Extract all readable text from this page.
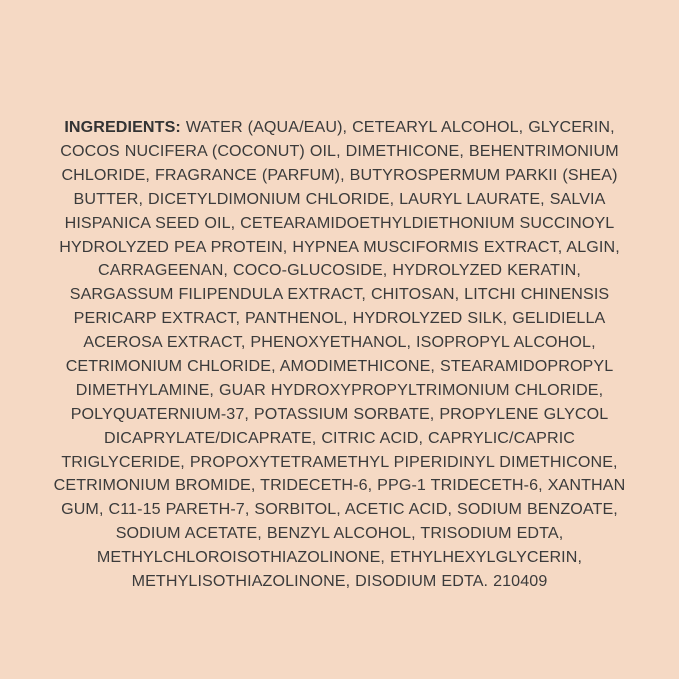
INGREDIENTS: WATER (AQUA/EAU), CETEARYL ALCOHOL, GLYCERIN, COCOS NUCIFERA (COCONUT) OIL, DIMETHICONE, BEHENTRIMONIUM CHLORIDE, FRAGRANCE (PARFUM), BUTYROSPERMUM PARKII (SHEA) BUTTER, DICETYLDIMONIUM CHLORIDE, LAURYL LAURATE, SALVIA HISPANICA SEED OIL, CETEARAMIDOETHYLDIETHONIUM SUCCINOYL HYDROLYZED PEA PROTEIN, HYPNEA MUSCIFORMIS EXTRACT, ALGIN, CARRAGEENAN, COCO-GLUCOSIDE, HYDROLYZED KERATIN, SARGASSUM FILIPENDULA EXTRACT, CHITOSAN, LITCHI CHINENSIS PERICARP EXTRACT, PANTHENOL, HYDROLYZED SILK, GELIDIELLA ACEROSA EXTRACT, PHENOXYETHANOL, ISOPROPYL ALCOHOL, CETRIMONIUM CHLORIDE, AMODIMETHICONE, STEARAMIDOPROPYL DIMETHYLAMINE, GUAR HYDROXYPROPYLTRIMONIUM CHLORIDE, POLYQUATERNIUM-37, POTASSIUM SORBATE, PROPYLENE GLYCOL DICAPRYLATE/DICAPRATE, CITRIC ACID, CAPRYLIC/CAPRIC TRIGLYCERIDE, PROPOXYTETRAMETHYL PIPERIDINYL DIMETHICONE, CETRIMONIUM BROMIDE, TRIDECETH-6, PPG-1 TRIDECETH-6, XANTHAN GUM, C11-15 PARETH-7, SORBITOL, ACETIC ACID, SODIUM BENZOATE, SODIUM ACETATE, BENZYL ALCOHOL, TRISODIUM EDTA, METHYLCHLOROISOTHIAZOLINONE, ETHYLHEXYLGLYCERIN, METHYLISOTHIAZOLINONE, DISODIUM EDTA. 210409
